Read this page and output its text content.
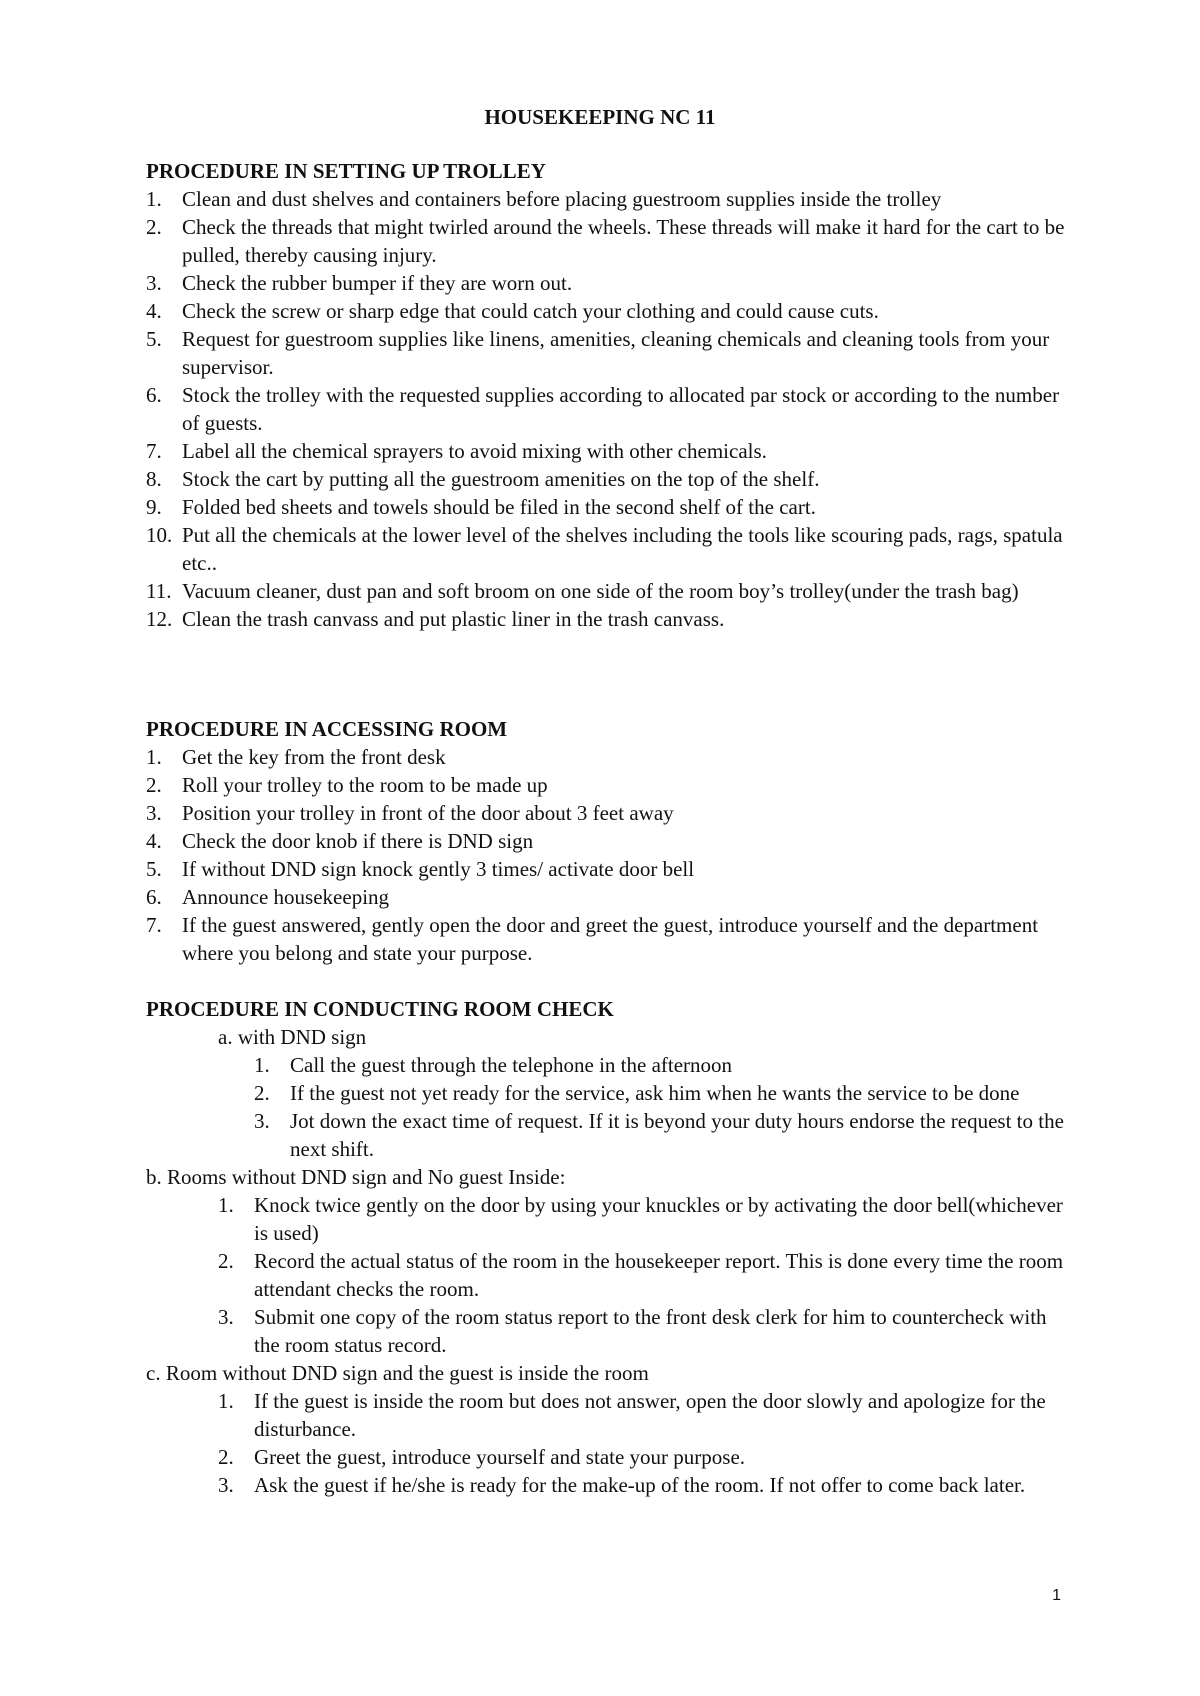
HOUSEKEEPING NC 11
PROCEDURE IN SETTING UP TROLLEY
1. Clean and dust shelves and containers before placing guestroom supplies inside the trolley
2. Check the threads that might twirled around the wheels. These threads will make it hard for the cart to be pulled, thereby causing injury.
3. Check the rubber bumper if they are worn out.
4. Check the screw or sharp edge that could catch your clothing and could cause cuts.
5. Request for guestroom supplies like linens, amenities, cleaning chemicals and cleaning tools from your supervisor.
6. Stock the trolley with the requested supplies according to allocated par stock or according to the number of guests.
7. Label all the chemical sprayers to avoid mixing with other chemicals.
8. Stock the cart by putting all the guestroom amenities on the top of the shelf.
9. Folded bed sheets and towels should be filed in the second shelf of the cart.
10. Put all the chemicals at the lower level of the shelves including the tools like scouring pads, rags, spatula etc..
11. Vacuum cleaner, dust pan and soft broom on one side of the room boy’s trolley(under the trash bag)
12. Clean the trash canvass and put plastic liner in the trash canvass.
PROCEDURE IN ACCESSING ROOM
1. Get the key from the front desk
2. Roll your trolley to the room to be made up
3. Position your trolley in front of the door about 3 feet away
4. Check the door knob if there is DND sign
5. If without DND sign knock gently 3 times/ activate door bell
6. Announce housekeeping
7. If the guest answered, gently open the door and greet the guest, introduce yourself and the department where you belong and state your purpose.
PROCEDURE IN CONDUCTING ROOM CHECK
a. with DND sign
1. Call the guest through the telephone in the afternoon
2. If the guest not yet ready for the service, ask him when he wants the service to be done
3. Jot down the exact time of request. If it is beyond your duty hours endorse the request to the next shift.
b. Rooms without DND sign and No guest Inside:
1. Knock twice gently on the door by using your knuckles or by activating the door bell(whichever is used)
2. Record the actual status of the room in the housekeeper report. This is done every time the room attendant checks the room.
3. Submit one copy of the room status report to the front desk clerk for him to countercheck with the room status record.
c. Room without DND sign and the guest is inside the room
1. If the guest is inside the room but does not answer, open the door slowly and apologize for the disturbance.
2. Greet the guest, introduce yourself and state your purpose.
3. Ask the guest if he/she is ready for the make-up of the room. If not offer to come back later.
1
